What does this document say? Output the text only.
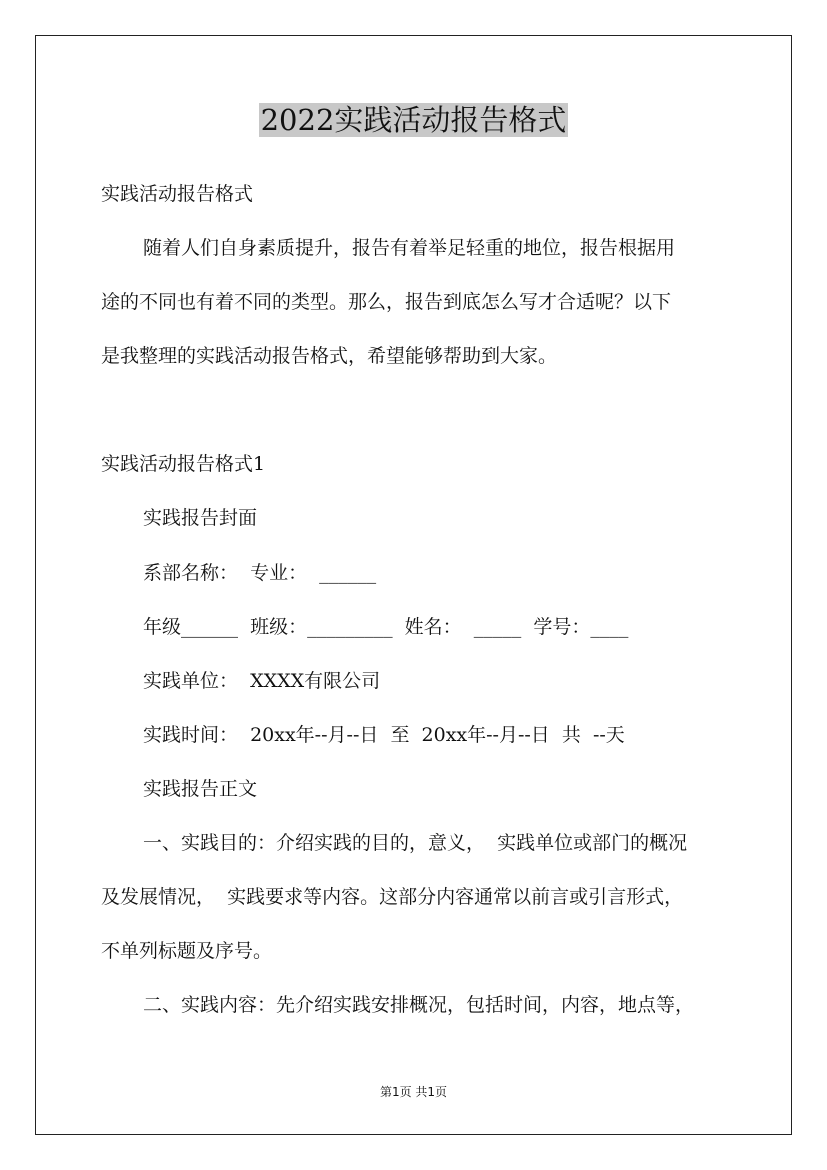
2022实践活动报告格式
实践活动报告格式
随着人们自身素质提升，报告有着举足轻重的地位，报告根据用
途的不同也有着不同的类型。那么，报告到底怎么写才合适呢？以下
是我整理的实践活动报告格式，希望能够帮助到大家。
实践活动报告格式1
实践报告封面
系部名称：  专业：  ______
年级______  班级：_________  姓名：  _____  学号：____
实践单位：  XXXX有限公司
实践时间：  20xx年--月--日  至  20xx年--月--日  共  --天
实践报告正文
一、实践目的：介绍实践的目的，意义，  实践单位或部门的概况
及发展情况，  实践要求等内容。这部分内容通常以前言或引言形式，
不单列标题及序号。
二、实践内容：先介绍实践安排概况，包括时间，内容，地点等，
第1页 共1页
